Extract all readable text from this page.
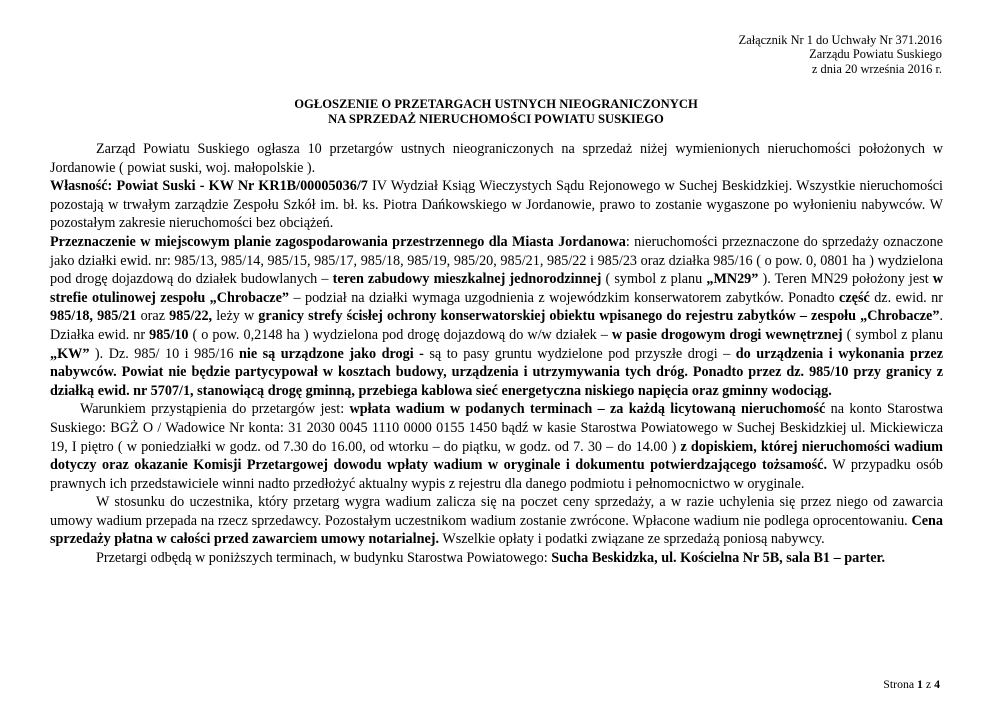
Załącznik Nr 1 do Uchwały Nr 371.2016
Zarządu Powiatu Suskiego
z dnia 20 września 2016 r.
OGŁOSZENIE O PRZETARGACH USTNYCH NIEOGRANICZONYCH
NA SPRZEDAŻ NIERUCHOMOŚCI POWIATU SUSKIEGO

Zarząd Powiatu Suskiego ogłasza 10 przetargów ustnych nieograniczonych na sprzedaż niżej wymienionych nieruchomości położonych w Jordanowie ( powiat suski, woj. małopolskie ).

Własność: Powiat Suski - KW Nr KR1B/00005036/7 IV Wydział Ksiąg Wieczystych Sądu Rejonowego w Suchej Beskidzkiej. Wszystkie nieruchomości pozostają w trwałym zarządzie Zespołu Szkół im. bł. ks. Piotra Dańkowskiego w Jordanowie, prawo to zostanie wygaszone po wyłonieniu nabywców. W pozostałym zakresie nieruchomości bez obciążeń.

Przeznaczenie w miejscowym planie zagospodarowania przestrzennego dla Miasta Jordanowa: nieruchomości przeznaczone do sprzedaży oznaczone jako działki ewid. nr: 985/13, 985/14, 985/15, 985/17, 985/18, 985/19, 985/20, 985/21, 985/22 i 985/23 oraz działka 985/16 ( o pow. 0, 0801 ha ) wydzielona pod drogę dojazdową do działek budowlanych – teren zabudowy mieszkalnej jednorodzinnej ( symbol z planu „MN29” ). Teren MN29 położony jest w strefie otulinowej zespołu „Chrobacze” – podział na działki wymaga uzgodnienia z wojewódzkim konserwatorem zabytków. Ponadto część dz. ewid. nr 985/18, 985/21 oraz 985/22, leży w granicy strefy ścisłej ochrony konserwatorskiej obiektu wpisanego do rejestru zabytków – zespołu „Chrobacze”. Działka ewid. nr 985/10 ( o pow. 0,2148 ha ) wydzielona pod drogę dojazdową do w/w działek – w pasie drogowym drogi wewnętrznej ( symbol z planu „KW” ). Dz. 985/ 10 i 985/16 nie są urządzone jako drogi - są to pasy gruntu wydzielone pod przyszłe drogi – do urządzenia i wykonania przez nabywców. Powiat nie będzie partycypował w kosztach budowy, urządzenia i utrzymywania tych dróg. Ponadto przez dz. 985/10 przy granicy z działką ewid. nr 5707/1, stanowiącą drogę gminną, przebiega kablowa sieć energetyczna niskiego napięcia oraz gminny wodociąg.

Warunkiem przystąpienia do przetargów jest: wpłata wadium w podanych terminach – za każdą licytowaną nieruchomość na konto Starostwa Suskiego: BGŻ O / Wadowice Nr konta: 31 2030 0045 1110 0000 0155 1450 bądź w kasie Starostwa Powiatowego w Suchej Beskidzkiej ul. Mickiewicza 19, I piętro ( w poniedziałki w godz. od 7.30 do 16.00, od wtorku – do piątku, w godz. od 7. 30 – do 14.00 ) z dopiskiem, której nieruchomości wadium dotyczy oraz okazanie Komisji Przetargowej dowodu wpłaty wadium w oryginale i dokumentu potwierdzającego tożsamość. W przypadku osób prawnych ich przedstawiciele winni nadto przedłożyć aktualny wypis z rejestru dla danego podmiotu i pełnomocnictwo w oryginale.

W stosunku do uczestnika, który przetarg wygra wadium zalicza się na poczet ceny sprzedaży, a w razie uchylenia się przez niego od zawarcia umowy wadium przepada na rzecz sprzedawcy. Pozostałym uczestnikom wadium zostanie zwrócone. Wpłacone wadium nie podlega oprocentowaniu. Cena sprzedaży płatna w całości przed zawarciem umowy notarialnej. Wszelkie opłaty i podatki związane ze sprzedażą poniosą nabywcy.

Przetargi odbędą w poniższych terminach, w budynku Starostwa Powiatowego: Sucha Beskidzka, ul. Kościelna Nr 5B, sala B1 – parter.

Strona 1 z 4
